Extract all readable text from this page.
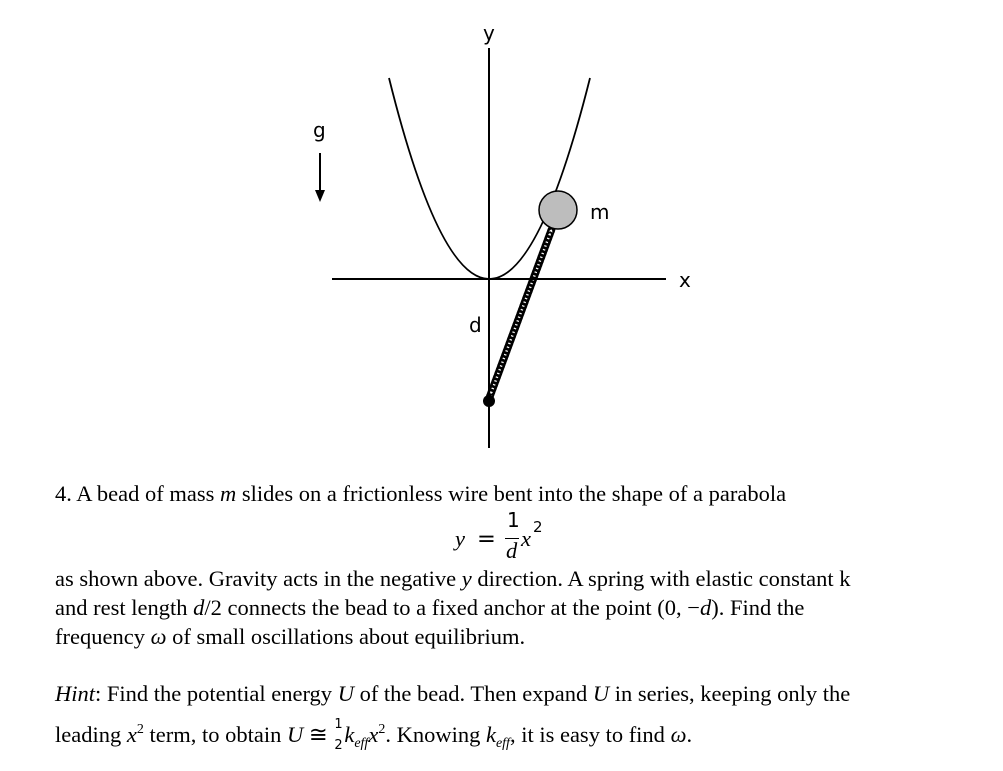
g
m
x
y
d
4. A bead of mass m slides on a frictionless wire bent into the shape of a parabola
y =
1
d x 2
as shown above. Gravity acts in the negative y direction. A spring with elastic constant k
and rest length d/2 connects the bead to a fixed anchor at the point (0, −d). Find the
frequency ω of small oscillations about equilibrium.
Hint: Find the potential energy U of the bead. Then expand U in series, keeping only the
leading $x^2$ term, to obtain U ≅ 1
2 $k_{eff}x^2$. Knowing $k_{eff}$, it is easy to find ω.
